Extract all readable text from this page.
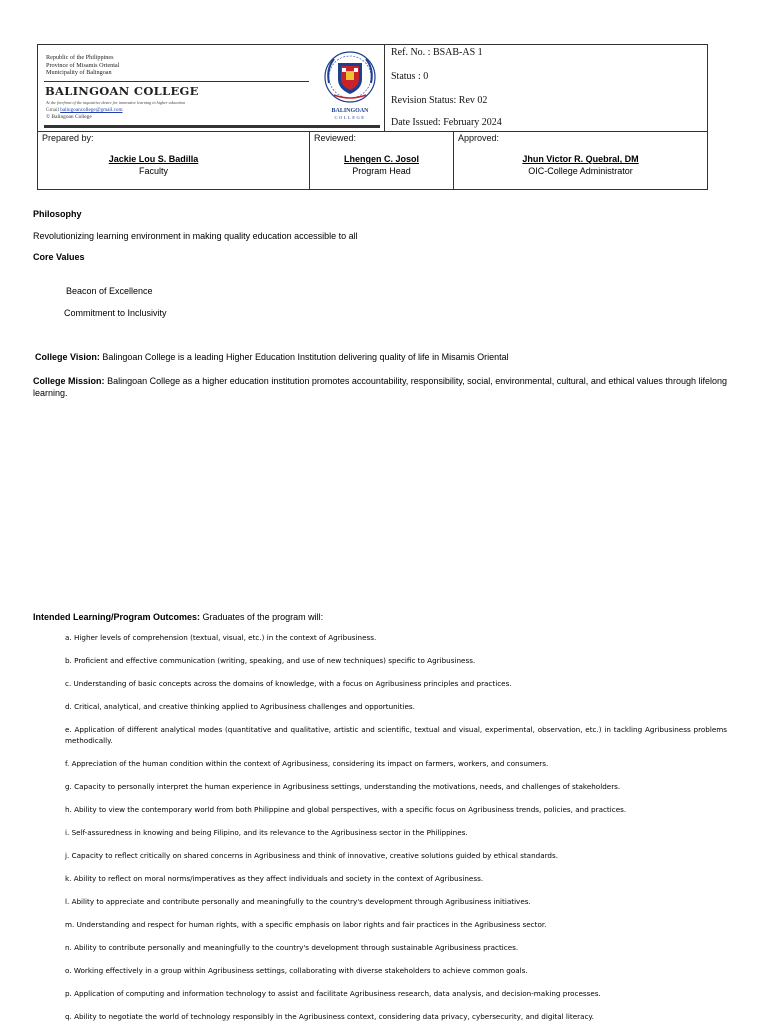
Republic of the Philippines
Province of Misamis Oriental
Municipality of Balingoan
BALINGOAN COLLEGE
At the forefront of the inquisitive desire for innovative learning in higher education
Gmail balingoancollege@gmail.com
© Balingoan College
BALINGOAN
COLLEGE
Ref. No. : BSAB-AS 1
Status : 0
Revision Status: Rev 02
Date Issued: February 2024
Prepared by:
Jackie Lou S. Badilla
Faculty
Reviewed:
Lhengen C. Josol
Program Head
Approved:
Jhun Victor R. Quebral, DM
OIC-College Administrator
Philosophy
Revolutionizing learning environment in making quality education accessible to all
Core Values
Beacon of Excellence
Commitment to Inclusivity
College Vision: Balingoan College is a leading Higher Education Institution delivering quality of life in Misamis Oriental
College Mission: Balingoan College as a higher education institution promotes accountability, responsibility, social, environmental, cultural, and ethical values through lifelong learning.
Intended Learning/Program Outcomes: Graduates of the program will:

a. Higher levels of comprehension (textual, visual, etc.) in the context of Agribusiness.

b. Proficient and effective communication (writing, speaking, and use of new techniques) specific to Agribusiness.

c. Understanding of basic concepts across the domains of knowledge, with a focus on Agribusiness principles and practices.

d. Critical, analytical, and creative thinking applied to Agribusiness challenges and opportunities.

e. Application of different analytical modes (quantitative and qualitative, artistic and scientific, textual and visual, experimental, observation, etc.) in tackling Agribusiness problems methodically.

f. Appreciation of the human condition within the context of Agribusiness, considering its impact on farmers, workers, and consumers.

g. Capacity to personally interpret the human experience in Agribusiness settings, understanding the motivations, needs, and challenges of stakeholders.

h. Ability to view the contemporary world from both Philippine and global perspectives, with a specific focus on Agribusiness trends, policies, and practices.

i. Self-assuredness in knowing and being Filipino, and its relevance to the Agribusiness sector in the Philippines.

j. Capacity to reflect critically on shared concerns in Agribusiness and think of innovative, creative solutions guided by ethical standards.

k. Ability to reflect on moral norms/imperatives as they affect individuals and society in the context of Agribusiness.

l. Ability to appreciate and contribute personally and meaningfully to the country's development through Agribusiness initiatives.

m. Understanding and respect for human rights, with a specific emphasis on labor rights and fair practices in the Agribusiness sector.

n. Ability to contribute personally and meaningfully to the country's development through sustainable Agribusiness practices.

o. Working effectively in a group within Agribusiness settings, collaborating with diverse stakeholders to achieve common goals.

p. Application of computing and information technology to assist and facilitate Agribusiness research, data analysis, and decision-making processes.

q. Ability to negotiate the world of technology responsibly in the Agribusiness context, considering data privacy, cybersecurity, and digital literacy.
